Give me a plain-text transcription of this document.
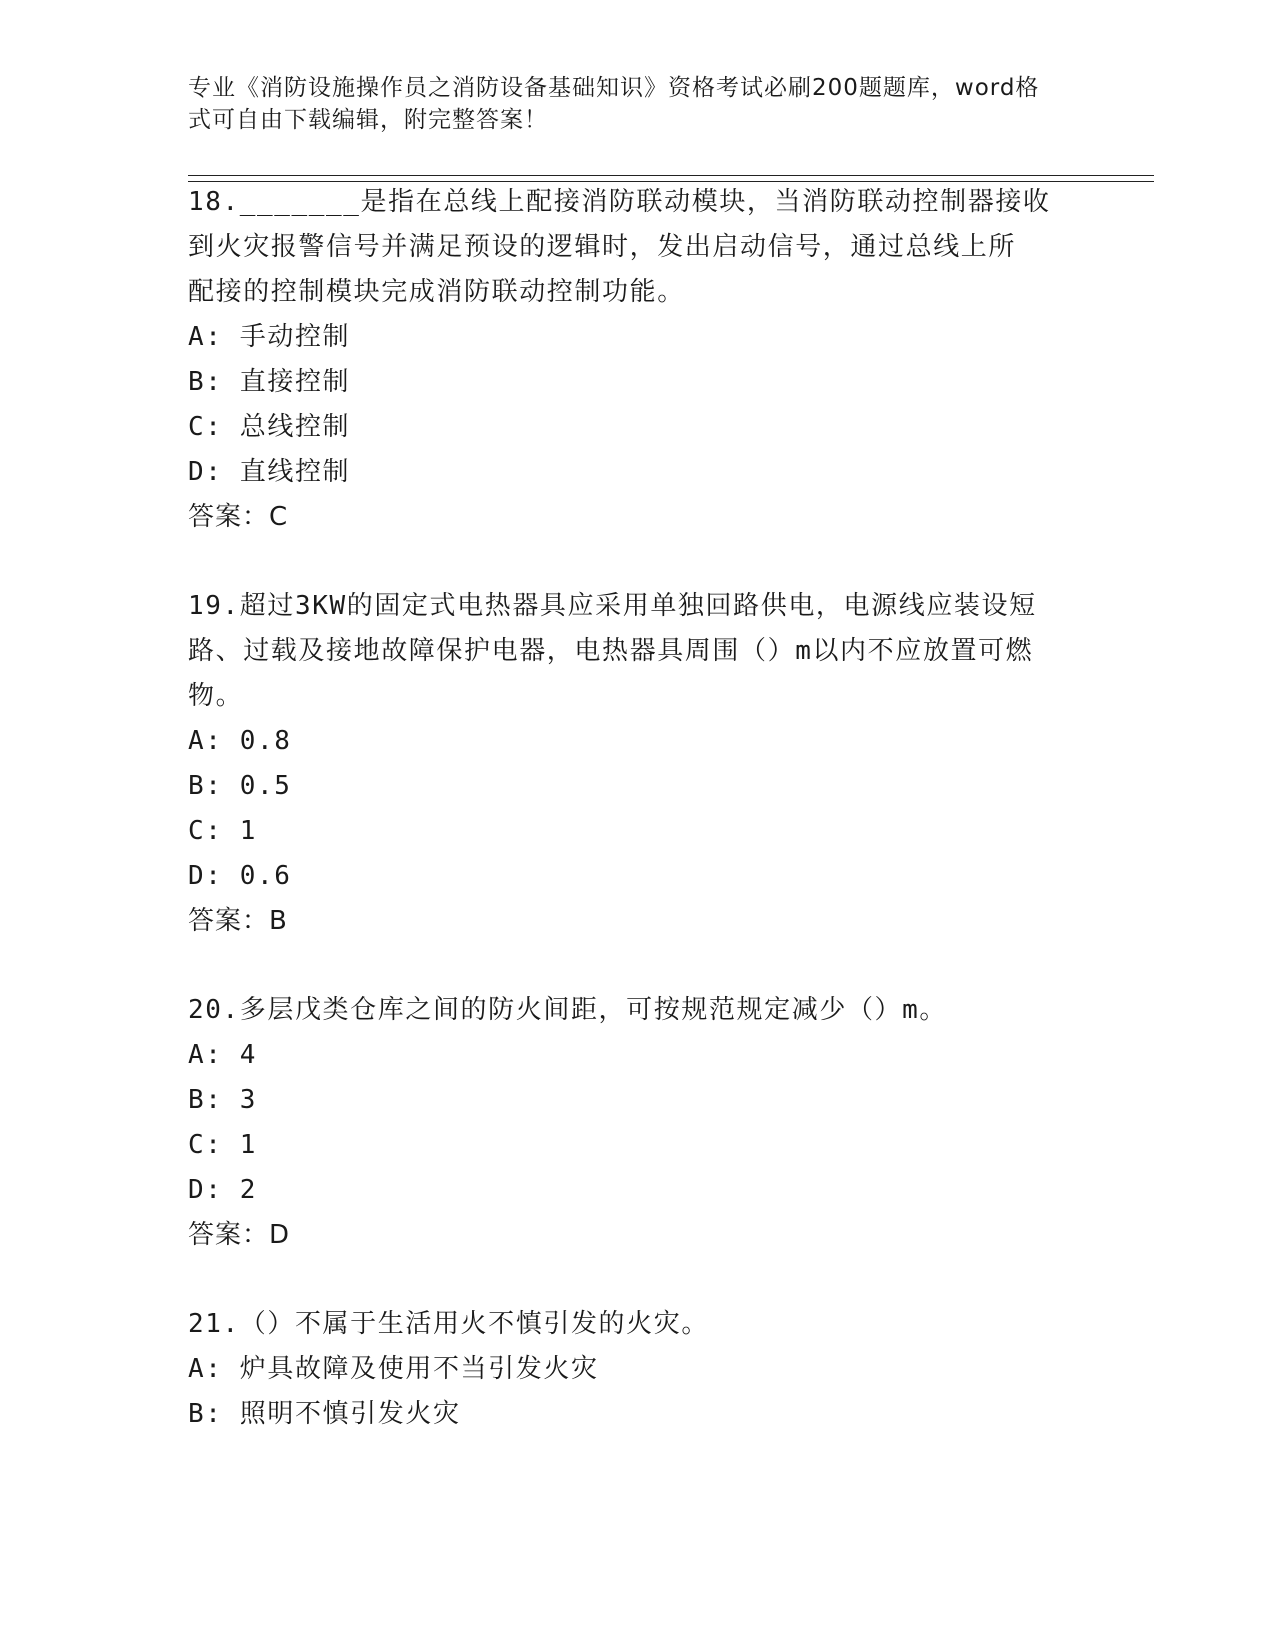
专业《消防设施操作员之消防设备基础知识》资格考试必刷200题题库，word格
式可自由下载编辑，附完整答案！

18._______是指在总线上配接消防联动模块，当消防联动控制器接收

到火灾报警信号并满足预设的逻辑时，发出启动信号，通过总线上所

配接的控制模块完成消防联动控制功能。

A: 手动控制

B: 直接控制

C: 总线控制

D: 直线控制

答案：C

19.超过3KW的固定式电热器具应采用单独回路供电，电源线应装设短

路、过载及接地故障保护电器，电热器具周围（）m以内不应放置可燃

物。

A: 0.8

B: 0.5

C: 1

D: 0.6

答案：B

20.多层戊类仓库之间的防火间距，可按规范规定减少（）m。

A: 4

B: 3

C: 1

D: 2

答案：D

21.（）不属于生活用火不慎引发的火灾。

A: 炉具故障及使用不当引发火灾

B: 照明不慎引发火灾
